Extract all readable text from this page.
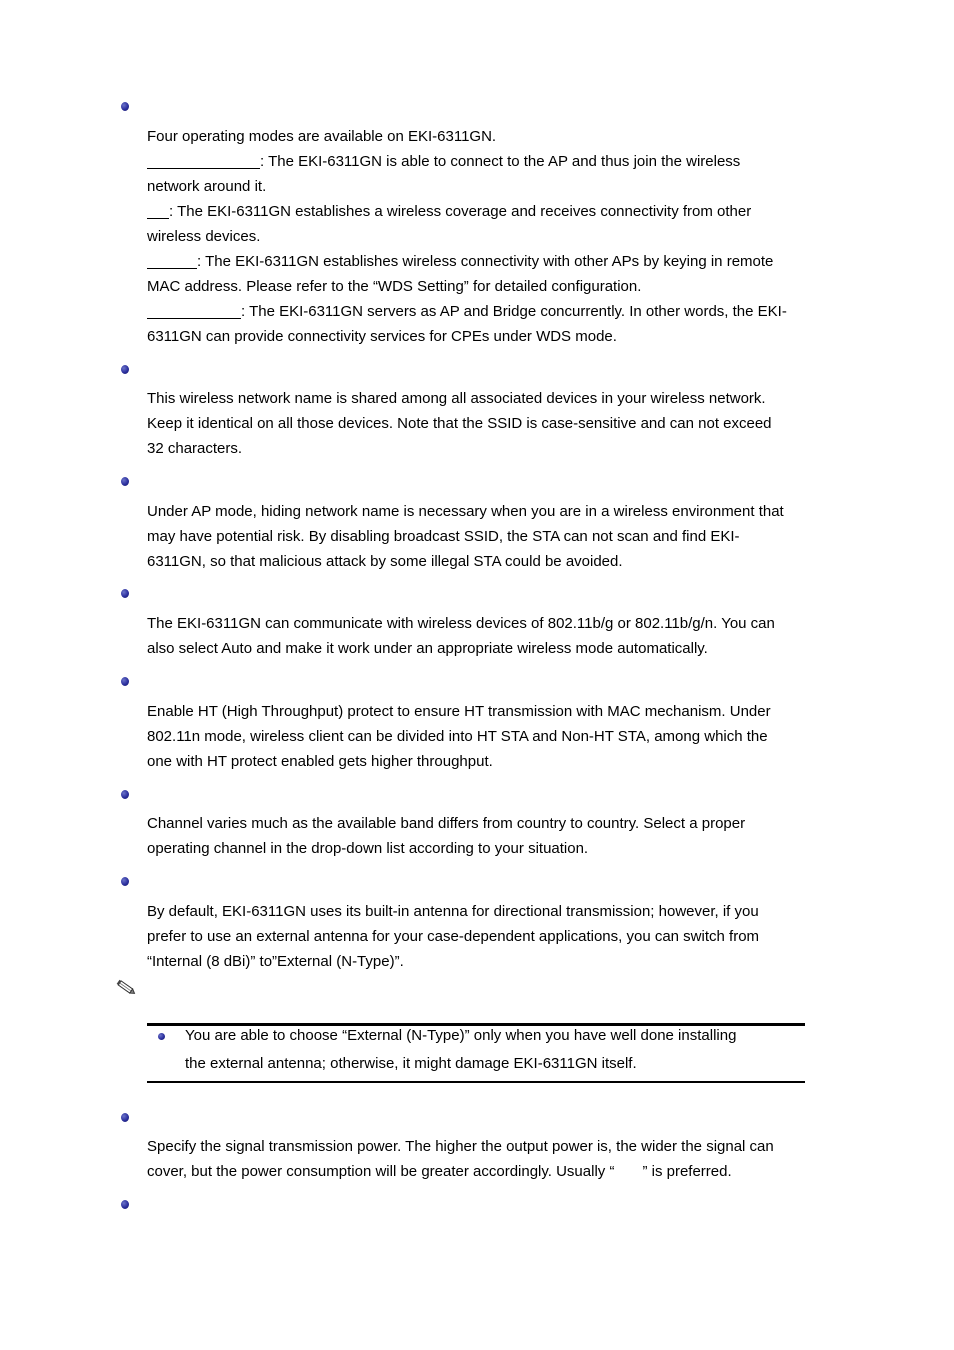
Four operating modes are available on EKI-6311GN.
: The EKI-6311GN is able to connect to the AP and thus join the wireless
network around it.
: The EKI-6311GN establishes a wireless coverage and receives connectivity from other
wireless devices.
: The EKI-6311GN establishes wireless connectivity with other APs by keying in remote
MAC address. Please refer to the “WDS Setting” for detailed configuration.
: The EKI-6311GN servers as AP and Bridge concurrently. In other words, the EKI-
6311GN can provide connectivity services for CPEs under WDS mode.
This wireless network name is shared among all associated devices in your wireless network.
Keep it identical on all those devices. Note that the SSID is case-sensitive and can not exceed
32 characters.
Under AP mode, hiding network name is necessary when you are in a wireless environment that
may have potential risk. By disabling broadcast SSID, the STA can not scan and find EKI-
6311GN, so that malicious attack by some illegal STA could be avoided.
The EKI-6311GN can communicate with wireless devices of 802.11b/g or 802.11b/g/n. You can
also select Auto and make it work under an appropriate wireless mode automatically.
Enable HT (High Throughput) protect to ensure HT transmission with MAC mechanism. Under
802.11n mode, wireless client can be divided into HT STA and Non-HT STA, among which the
one with HT protect enabled gets higher throughput.
Channel varies much as the available band differs from country to country. Select a proper
operating channel in the drop-down list according to your situation.
By default, EKI-6311GN uses its built-in antenna for directional transmission; however, if you
prefer to use an external antenna for your case-dependent applications, you can switch from
“Internal (8 dBi)” to”External (N-Type)”.
You are able to choose “External (N-Type)” only when you have well done installing
the external antenna; otherwise, it might damage EKI-6311GN itself.
Specify the signal transmission power. The higher the output power is, the wider the signal can
cover, but the power consumption will be greater accordingly. Usually “ ” is preferred.
